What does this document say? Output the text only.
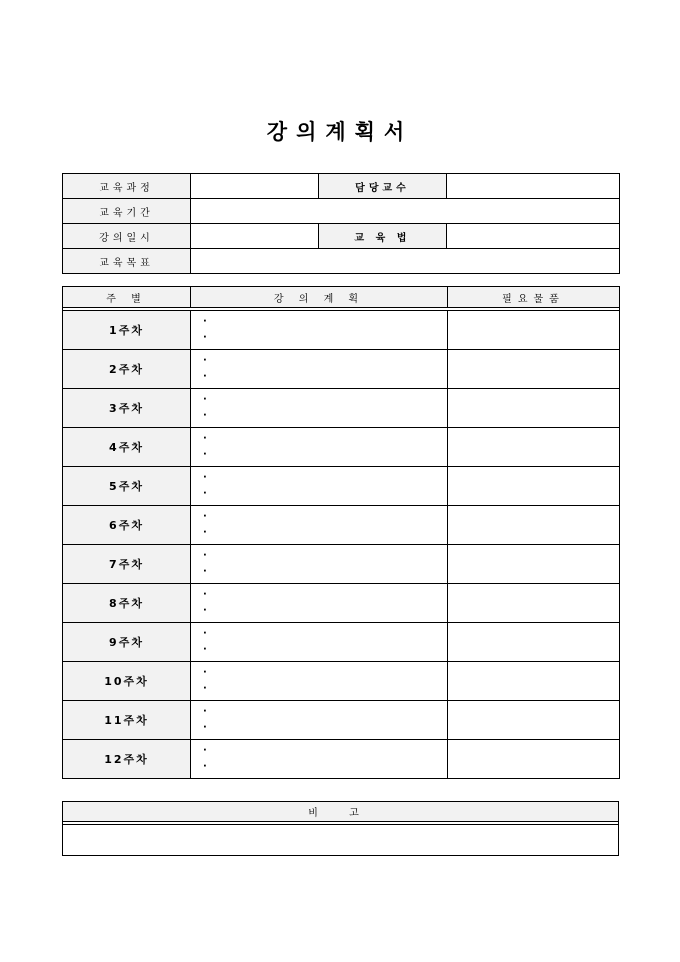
강의계획서
교육과정		담당교수	
교육기간			
강의일시		교 육 법	
교육목표			
주 별	강 의 계 획	필요물품

1주차	·
·	

2주차	·
·	

3주차	·
·	

4주차	·
·	

5주차	·
·	

6주차	·
·	

7주차	·
·	

8주차	·
·	

9주차	·
·	

10주차	·
·	

11주차	·
·	

12주차	·
·	

비 고
